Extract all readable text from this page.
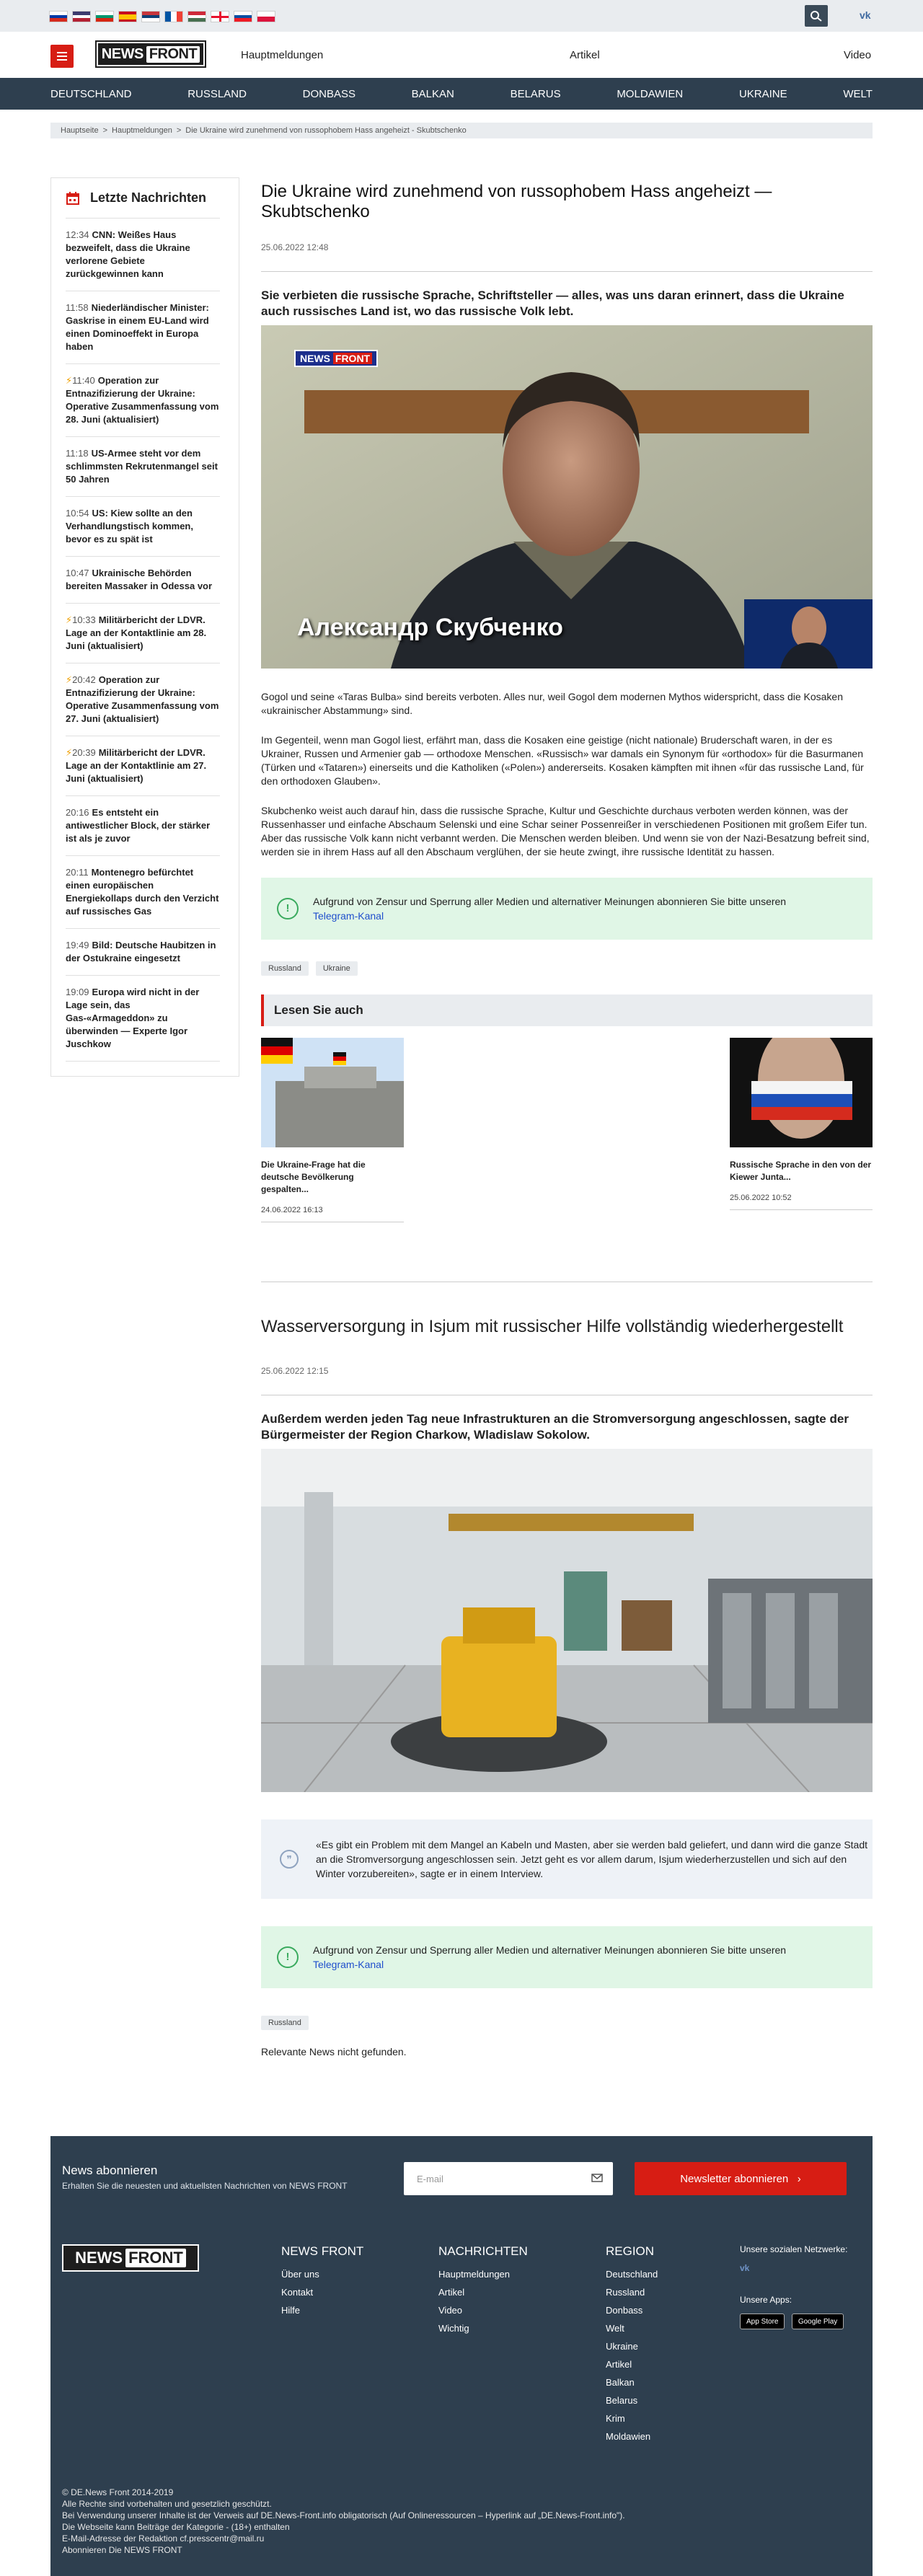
vk
NEWS FRONT	Hauptmeldungen	Artikel	Video
DEUTSCHLAND	RUSSLAND	DONBASS	BALKAN	BELARUS	MOLDAWIEN	UKRAINE	WELT
Hauptseite > Hauptmeldungen > Die Ukraine wird zunehmend von russophobem Hass angeheizt - Skubtschenko
Letzte Nachrichten
12:34 CNN: Weißes Haus bezweifelt, dass die Ukraine verlorene Gebiete zurückgewinnen kann
11:58 Niederländischer Minister: Gaskrise in einem EU-Land wird einen Dominoeffekt in Europa haben
⚡11:40 Operation zur Entnazifizierung der Ukraine: Operative Zusammenfassung vom 28. Juni (aktualisiert)
11:18 US-Armee steht vor dem schlimmsten Rekrutenmangel seit 50 Jahren
10:54 US: Kiew sollte an den Verhandlungstisch kommen, bevor es zu spät ist
10:47 Ukrainische Behörden bereiten Massaker in Odessa vor
⚡10:33 Militärbericht der LDVR. Lage an der Kontaktlinie am 28. Juni (aktualisiert)
⚡20:42 Operation zur Entnazifizierung der Ukraine: Operative Zusammenfassung vom 27. Juni (aktualisiert)
⚡20:39 Militärbericht der LDVR. Lage an der Kontaktlinie am 27. Juni (aktualisiert)
20:16 Es entsteht ein antiwestlicher Block, der stärker ist als je zuvor
20:11 Montenegro befürchtet einen europäischen Energiekollaps durch den Verzicht auf russisches Gas
19:49 Bild: Deutsche Haubitzen in der Ostukraine eingesetzt
19:09 Europa wird nicht in der Lage sein, das Gas-«Armageddon» zu überwinden — Experte Igor Juschkow
Die Ukraine wird zunehmend von russophobem Hass angeheizt — Skubtschenko
25.06.2022 12:48
Sie verbieten die russische Sprache, Schriftsteller — alles, was uns daran erinnert, dass die Ukraine auch russisches Land ist, wo das russische Volk lebt.
NEWS FRONT
Александр Скубченко

Gogol und seine «Taras Bulba» sind bereits verboten. Alles nur, weil Gogol dem modernen Mythos widerspricht, dass die Kosaken «ukrainischer Abstammung» sind.

Im Gegenteil, wenn man Gogol liest, erfährt man, dass die Kosaken eine geistige (nicht nationale) Bruderschaft waren, in der es Ukrainer, Russen und Armenier gab — orthodoxe Menschen. «Russisch» war damals ein Synonym für «orthodox» für die Basurmanen (Türken und «Tataren») einerseits und die Katholiken («Polen») andererseits. Kosaken kämpften mit ihnen «für das russische Land, für den orthodoxen Glauben».

Skubchenko weist auch darauf hin, dass die russische Sprache, Kultur und Geschichte durchaus verboten werden können, was der Russenhasser und einfache Abschaum Selenski und eine Schar seiner Possenreißer in verschiedenen Positionen mit großem Eifer tun. Aber das russische Volk kann nicht verbannt werden. Die Menschen werden bleiben. Und wenn sie von der Nazi-Besatzung befreit sind, werden sie in ihrem Hass auf all den Abschaum verglühen, der sie heute zwingt, ihre russische Identität zu hassen.

!
Aufgrund von Zensur und Sperrung aller Medien und alternativer Meinungen abonnieren Sie bitte unseren
Telegram-Kanal
Russland	Ukraine
Lesen Sie auch
Die Ukraine-Frage hat die deutsche Bevölkerung gespalten...
24.06.2022 16:13
Russische Sprache in den von der Kiewer Junta...
25.06.2022 10:52
Wasserversorgung in Isjum mit russischer Hilfe vollständig wiederhergestellt
25.06.2022 12:15
Außerdem werden jeden Tag neue Infrastrukturen an die Stromversorgung angeschlossen, sagte der Bürgermeister der Region Charkow, Wladislaw Sokolow.
❞
«Es gibt ein Problem mit dem Mangel an Kabeln und Masten, aber sie werden bald geliefert, und dann wird die ganze Stadt an die Stromversorgung angeschlossen sein. Jetzt geht es vor allem darum, Isjum wiederherzustellen und sich auf den Winter vorzubereiten», sagte er in einem Interview.
!
Aufgrund von Zensur und Sperrung aller Medien und alternativer Meinungen abonnieren Sie bitte unseren
Telegram-Kanal
Russland
Relevante News nicht gefunden.
News abonnieren
Erhalten Sie die neuesten und aktuellsten Nachrichten von NEWS FRONT
E-mail	Newsletter abonnieren
›
NEWS FRONT	NEWS FRONT
Über uns
Kontakt
Hilfe
NACHRICHTEN
Hauptmeldungen
Artikel
Video
Wichtig
REGION
Deutschland
Russland
Donbass
Welt
Ukraine
Artikel
Balkan
Belarus
Krim
Moldawien
Unsere sozialen Netzwerke:
vk
Unsere Apps:
App Store	Google Play
© DE.News Front 2014-2019
Alle Rechte sind vorbehalten und gesetzlich geschützt.
Bei Verwendung unserer Inhalte ist der Verweis auf DE.News-Front.info obligatorisch (Auf Onlineressourcen – Hyperlink auf „DE.News-Front.info").
Die Webseite kann Beiträge der Kategorie - (18+) enthalten
E-Mail-Adresse der Redaktion cf.presscentr@mail.ru
Abonnieren Die NEWS FRONT
